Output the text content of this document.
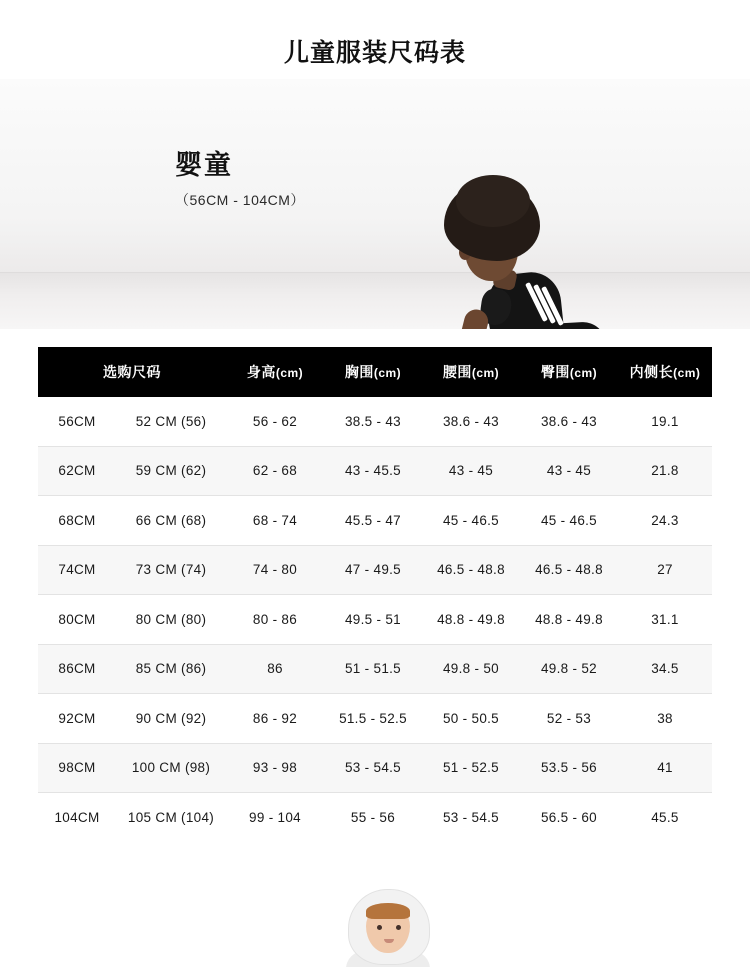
儿童服装尺码表
婴童
（56CM - 104CM）
选购尺码		身高(cm)	胸围(cm)	腰围(cm)	臀围(cm)	内侧长(cm)
56CM	52 CM (56)	56 - 62	38.5 - 43	38.6 - 43	38.6 - 43	19.1
62CM	59 CM (62)	62 - 68	43 - 45.5	43 - 45	43 - 45	21.8
68CM	66 CM (68)	68 - 74	45.5 - 47	45 - 46.5	45 - 46.5	24.3
74CM	73 CM (74)	74 - 80	47 - 49.5	46.5 - 48.8	46.5 - 48.8	27
80CM	80 CM (80)	80 - 86	49.5 - 51	48.8 - 49.8	48.8 - 49.8	31.1
86CM	85 CM (86)	86	51 - 51.5	49.8 - 50	49.8 - 52	34.5
92CM	90 CM (92)	86 - 92	51.5 - 52.5	50 - 50.5	52 - 53	38
98CM	100 CM (98)	93 - 98	53 - 54.5	51 - 52.5	53.5 - 56	41
104CM	105 CM (104)	99 - 104	55 - 56	53 - 54.5	56.5 - 60	45.5
